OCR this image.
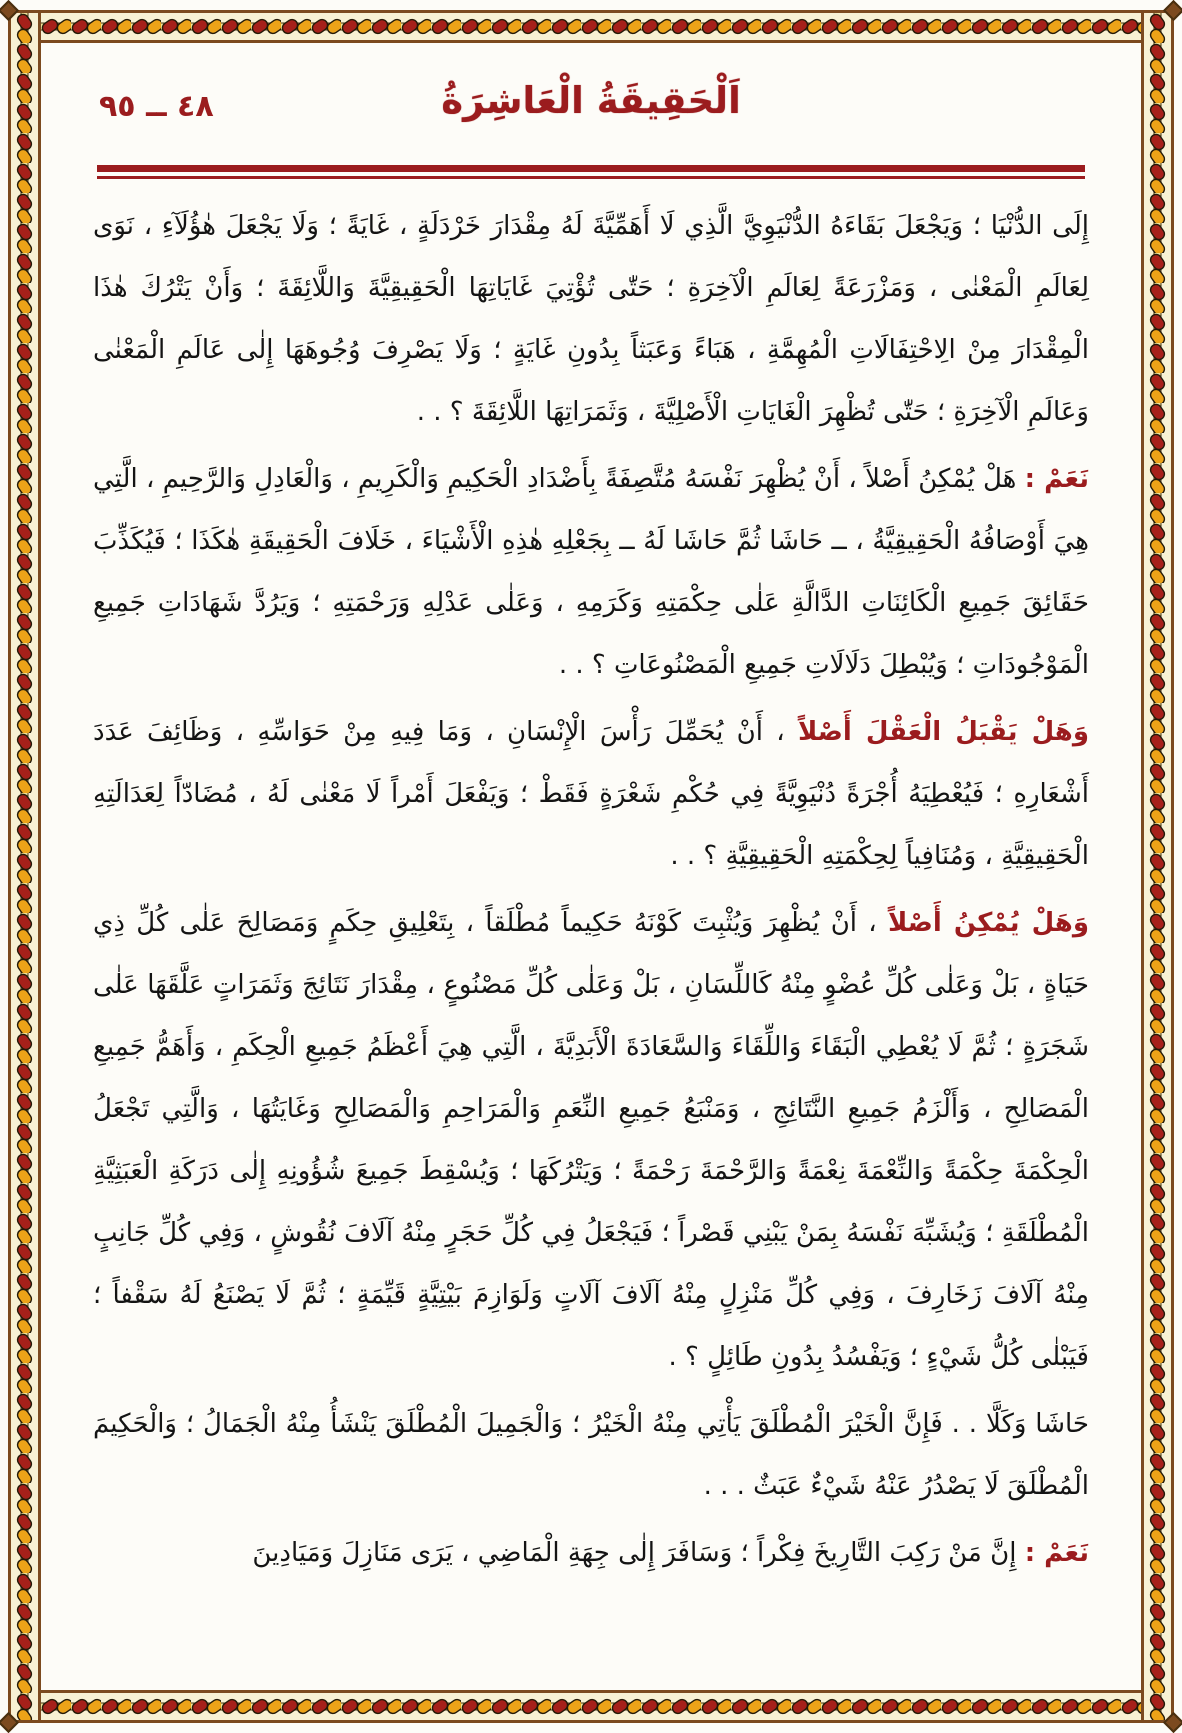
٤٨ ــ ٩٥	اَلْحَقِيقَةُ الْعَاشِرَةُ

إِلَى الدُّنْيَا ؛ وَيَجْعَلَ بَقَاءَهُ الدُّنْيَوِيَّ الَّذِي لَا أَهَمِّيَّةَ لَهُ مِقْدَارَ خَرْدَلَةٍ ، غَايَةً ؛ وَلَا يَجْعَلَ هٰؤُلَآءِ ، نَوَى لِعَالَمِ الْمَعْنٰى ، وَمَزْرَعَةً لِعَالَمِ الْآخِرَةِ ؛ حَتّٰى تُؤْتِيَ غَايَاتِهَا الْحَقِيقِيَّةَ وَاللَّائِقَةَ ؛ وَأَنْ يَتْرُكَ هٰذَا الْمِقْدَارَ مِنْ الِاحْتِفَالَاتِ الْمُهِمَّةِ ، هَبَاءً وَعَبَثاً بِدُونِ غَايَةٍ ؛ وَلَا يَصْرِفَ وُجُوهَهَا إِلٰى عَالَمِ الْمَعْنٰى وَعَالَمِ الْآخِرَةِ ؛ حَتّٰى تُظْهِرَ الْغَايَاتِ الْأَصْلِيَّةَ ، وَثَمَرَاتِهَا اللَّائِقَةَ ؟ . .

نَعَمْ : هَلْ يُمْكِنُ أَصْلاً ، أَنْ يُظْهِرَ نَفْسَهُ مُتَّصِفَةً بِأَضْدَادِ الْحَكِيمِ وَالْكَرِيمِ ، وَالْعَادِلِ وَالرَّحِيمِ ، الَّتِي هِيَ أَوْصَافُهُ الْحَقِيقِيَّةُ ، ــ حَاشَا ثُمَّ حَاشَا لَهُ ــ بِجَعْلِهِ هٰذِهِ الْأَشْيَاءَ ، خَلَافَ الْحَقِيقَةِ هٰكَذَا ؛ فَيُكَذِّبَ حَقَائِقَ جَمِيعِ الْكَائِنَاتِ الدَّالَّةِ عَلٰى حِكْمَتِهِ وَكَرَمِهِ ، وَعَلٰى عَدْلِهِ وَرَحْمَتِهِ ؛ وَيَرُدَّ شَهَادَاتِ جَمِيعِ الْمَوْجُودَاتِ ؛ وَيُبْطِلَ دَلَالَاتِ جَمِيعِ الْمَصْنُوعَاتِ ؟ . .

وَهَلْ يَقْبَلُ الْعَقْلَ أَصْلاً ، أَنْ يُحَمِّلَ رَأْسَ الْإِنْسَانِ ، وَمَا فِيهِ مِنْ حَوَاسِّهِ ، وَظَائِفَ عَدَدَ أَشْعَارِهِ ؛ فَيُعْطِيَهُ أُجْرَةً دُنْيَوِيَّةً فِي حُكْمِ شَعْرَةٍ فَقَطْ ؛ وَيَفْعَلَ أَمْراً لَا مَعْنٰى لَهُ ، مُضَادّاً لِعَدَالَتِهِ الْحَقِيقِيَّةِ ، وَمُنَافِياً لِحِكْمَتِهِ الْحَقِيقِيَّةِ ؟ . .

وَهَلْ يُمْكِنُ أَصْلاً ، أَنْ يُظْهِرَ وَيُثْبِتَ كَوْنَهُ حَكِيماً مُطْلَقاً ، بِتَعْلِيقِ حِكَمٍ وَمَصَالِحَ عَلٰى كُلِّ ذِي حَيَاةٍ ، بَلْ وَعَلٰى كُلِّ عُضْوٍ مِنْهُ كَاللِّسَانِ ، بَلْ وَعَلٰى كُلِّ مَصْنُوعٍ ، مِقْدَارَ نَتَائِجَ وَثَمَرَاتٍ عَلَّقَهَا عَلٰى شَجَرَةٍ ؛ ثُمَّ لَا يُعْطِي الْبَقَاءَ وَاللِّقَاءَ وَالسَّعَادَةَ الْأَبَدِيَّةَ ، الَّتِي هِيَ أَعْظَمُ جَمِيعِ الْحِكَمِ ، وَأَهَمُّ جَمِيعِ الْمَصَالِحِ ، وَأَلْزَمُ جَمِيعِ النَّتَائِجِ ، وَمَنْبَعُ جَمِيعِ النِّعَمِ وَالْمَرَاحِمِ وَالْمَصَالِحِ وَغَايَتُهَا ، وَالَّتِي تَجْعَلُ الْحِكْمَةَ حِكْمَةً وَالنِّعْمَةَ نِعْمَةً وَالرَّحْمَةَ رَحْمَةً ؛ وَيَتْرُكَهَا ؛ وَيُسْقِطَ جَمِيعَ شُؤُونِهِ إِلٰى دَرَكَةِ الْعَبَثِيَّةِ الْمُطْلَقَةِ ؛ وَيُشَبِّهَ نَفْسَهُ بِمَنْ يَبْنِي قَصْراً ؛ فَيَجْعَلُ فِي كُلِّ حَجَرٍ مِنْهُ آلَافَ نُقُوشٍ ، وَفِي كُلِّ جَانِبٍ مِنْهُ آلَافَ زَخَارِفَ ، وَفِي كُلِّ مَنْزِلٍ مِنْهُ آلَافَ آلَاتٍ وَلَوَازِمَ بَيْتِيَّةٍ قَيِّمَةٍ ؛ ثُمَّ لَا يَصْنَعُ لَهُ سَقْفاً ؛ فَيَبْلٰى كُلُّ شَيْءٍ ؛ وَيَفْسُدُ بِدُونِ طَائِلٍ ؟ .

حَاشَا وَكَلَّا . . فَإِنَّ الْخَيْرَ الْمُطْلَقَ يَأْتِي مِنْهُ الْخَيْرُ ؛ وَالْجَمِيلَ الْمُطْلَقَ يَنْشَأُ مِنْهُ الْجَمَالُ ؛ وَالْحَكِيمَ الْمُطْلَقَ لَا يَصْدُرُ عَنْهُ شَيْءٌ عَبَثٌ . . .

نَعَمْ : إِنَّ مَنْ رَكِبَ التَّارِيخَ فِكْراً ؛ وَسَافَرَ إِلٰى جِهَةِ الْمَاضِي ، يَرَى مَنَازِلَ وَمَيَادِينَ
